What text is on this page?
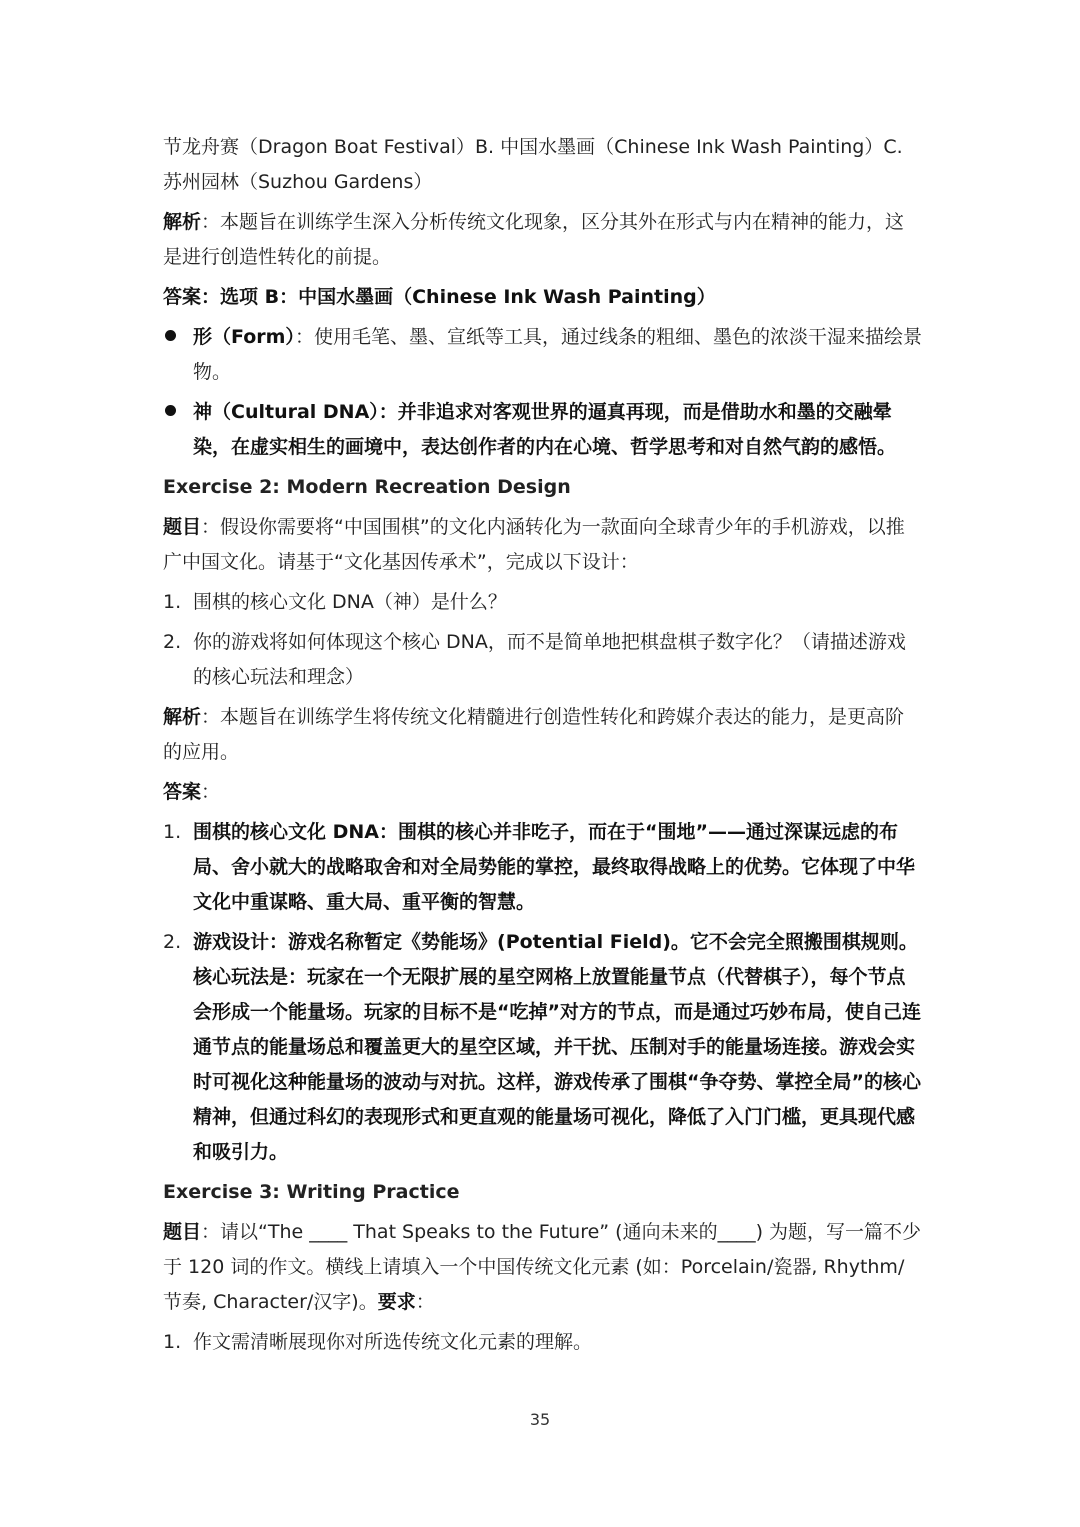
节龙舟赛（Dragon Boat Festival）B. 中国水墨画（Chinese Ink Wash Painting）C. 苏州园林（Suzhou Gardens）

解析：本题旨在训练学生深入分析传统文化现象，区分其外在形式与内在精神的能力，这是进行创造性转化的前提。

答案：选项 B：中国水墨画（Chinese Ink Wash Painting）

形（Form）：使用毛笔、墨、宣纸等工具，通过线条的粗细、墨色的浓淡干湿来描绘景物。
神（Cultural DNA）：并非追求对客观世界的逼真再现，而是借助水和墨的交融晕染，在虚实相生的画境中，表达创作者的内在心境、哲学思考和对自然气韵的感悟。

Exercise 2: Modern Recreation Design

题目：假设你需要将“中国围棋”的文化内涵转化为一款面向全球青少年的手机游戏，以推广中国文化。请基于“文化基因传承术”，完成以下设计：

1. 围棋的核心文化 DNA（神）是什么？
2. 你的游戏将如何体现这个核心 DNA，而不是简单地把棋盘棋子数字化？（请描述游戏的核心玩法和理念）

解析：本题旨在训练学生将传统文化精髓进行创造性转化和跨媒介表达的能力，是更高阶的应用。

答案：

1. 围棋的核心文化 DNA：围棋的核心并非吃子，而在于“围地”——通过深谋远虑的布局、舍小就大的战略取舍和对全局势能的掌控，最终取得战略上的优势。它体现了中华文化中重谋略、重大局、重平衡的智慧。
2. 游戏设计：游戏名称暂定《势能场》(Potential Field)。它不会完全照搬围棋规则。核心玩法是：玩家在一个无限扩展的星空网格上放置能量节点（代替棋子），每个节点会形成一个能量场。玩家的目标不是“吃掉”对方的节点，而是通过巧妙布局，使自己连通节点的能量场总和覆盖更大的星空区域，并干扰、压制对手的能量场连接。游戏会实时可视化这种能量场的波动与对抗。这样，游戏传承了围棋“争夺势、掌控全局”的核心精神，但通过科幻的表现形式和更直观的能量场可视化，降低了入门门槛，更具现代感和吸引力。

Exercise 3: Writing Practice

题目：请以“The ____ That Speaks to the Future” (通向未来的____) 为题，写一篇不少于 120 词的作文。横线上请填入一个中国传统文化元素 (如：Porcelain/瓷器, Rhythm/节奏, Character/汉字)。要求：

1. 作文需清晰展现你对所选传统文化元素的理解。
35
